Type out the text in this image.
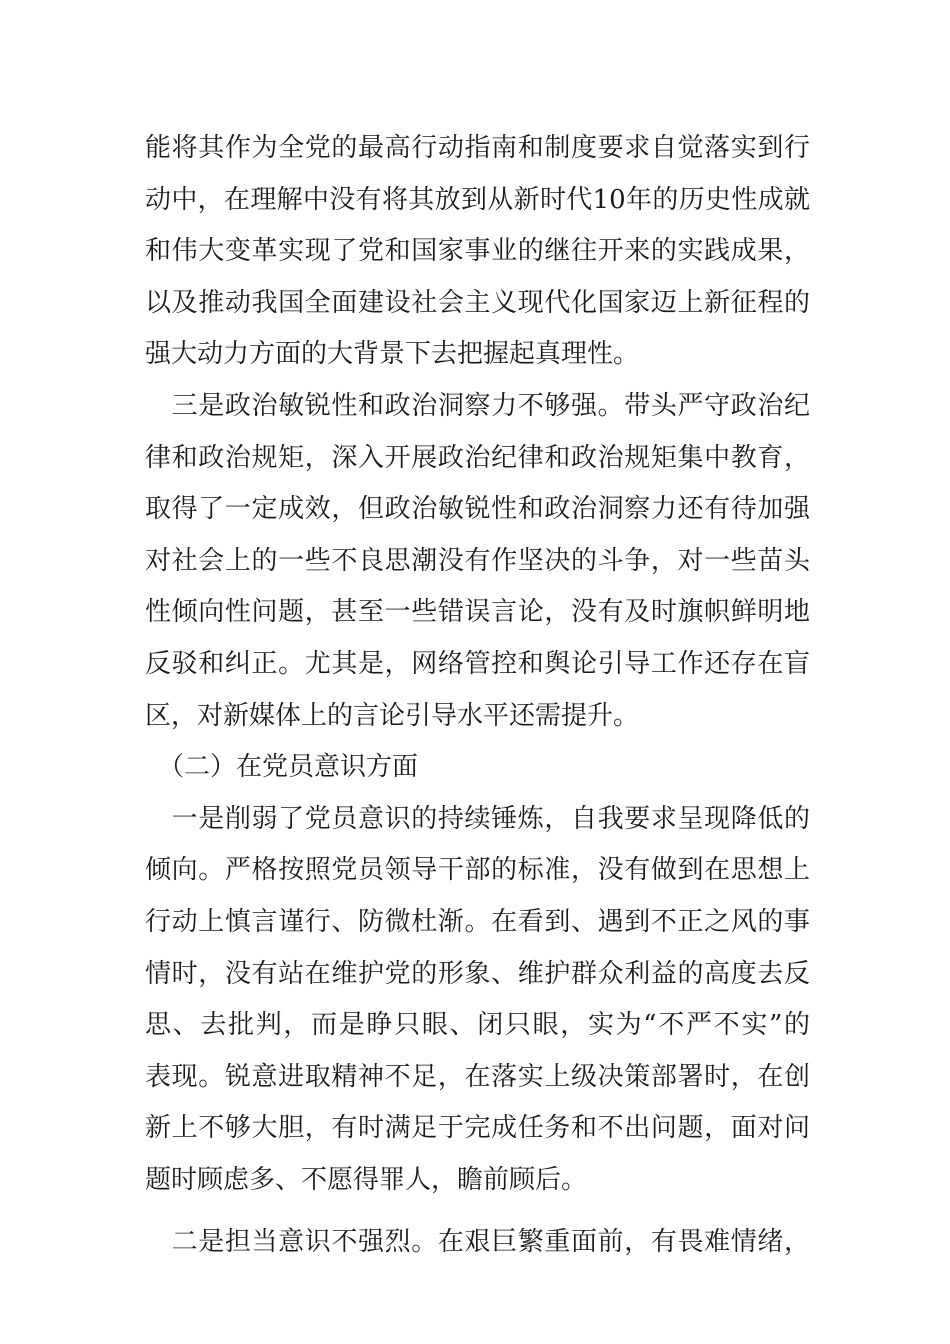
能将其作为全党的最高行动指南和制度要求自觉落实到行
动中，在理解中没有将其放到从新时代10年的历史性成就
和伟大变革实现了党和国家事业的继往开来的实践成果，
以及推动我国全面建设社会主义现代化国家迈上新征程的
强大动力方面的大背景下去把握起真理性。
　三是政治敏锐性和政治洞察力不够强。带头严守政治纪
律和政治规矩，深入开展政治纪律和政治规矩集中教育，
取得了一定成效，但政治敏锐性和政治洞察力还有待加强
对社会上的一些不良思潮没有作坚决的斗争，对一些苗头
性倾向性问题，甚至一些错误言论，没有及时旗帜鲜明地
反驳和纠正。尤其是，网络管控和舆论引导工作还存在盲
区，对新媒体上的言论引导水平还需提升。
　（二）在党员意识方面
　一是削弱了党员意识的持续锤炼，自我要求呈现降低的
倾向。严格按照党员领导干部的标准，没有做到在思想上
行动上慎言谨行、防微杜渐。在看到、遇到不正之风的事
情时，没有站在维护党的形象、维护群众利益的高度去反
思、去批判，而是睁只眼、闭只眼，实为“不严不实”的
表现。锐意进取精神不足，在落实上级决策部署时，在创
新上不够大胆，有时满足于完成任务和不出问题，面对问
题时顾虑多、不愿得罪人，瞻前顾后。
　二是担当意识不强烈。在艰巨繁重面前，有畏难情绪，
